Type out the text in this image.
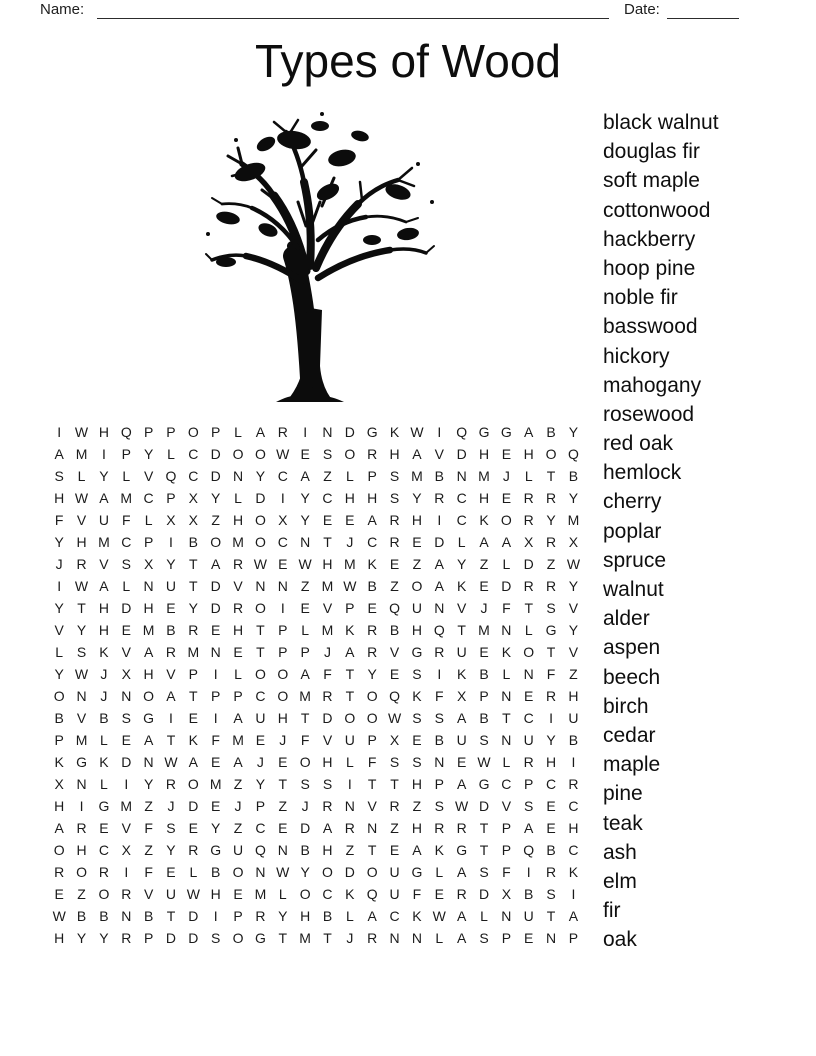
Name:	Date:
Types of Wood
black walnut
douglas fir
soft maple
cottonwood
hackberry
hoop pine
noble fir
basswood
hickory
mahogany
rosewood
red oak
hemlock
cherry
poplar
spruce
walnut
alder
aspen
beech
birch
cedar
maple
pine
teak
ash
elm
fir
oak
I W H Q P P O P L A R	I	N D G K W I	Q G G A B Y
A M	I	P Y L C D O O W E S O R H A V D H E H O Q
S L Y L V Q C D N Y C A Z	L P S M B N M J	L	T B
H W A M C P X Y L D	I	Y C H H S Y R C H E R R Y
F V U F	L X X Z H O X Y E E A R H	I	C K O R Y M
Y H M C P	I	B O M O C N T	J C R E D L A A X R X
J R V S X Y T A R W E W H M K E Z A Y Z	L D Z W
I W A L N U T D V N N Z M W B Z O A K E D R R Y
Y T H D H E Y D R O	I	E V P E Q U N V	J	F T S V
V Y H E M B R E H T P L M K R B H Q T M N L G Y
L S K V A R M N E T P P	J	A R V G R U E K O T V
Y W J	X H V P	I	L O O A F T Y E S	I	K B L N F Z
O N J N O A T P P C O M R T O Q K F X P N E R H
B V B S G	I	E	I	A U H T D O O W S S A B T C	I	U
P M L E A T K F M E	J	F V U P X E B U S N U Y B
K G K D N W A E A	J	E O H L	F S S N E W L R H	I
X N L	I	Y R O M Z Y T S S	I	T T H P A G C P C R
H	I	G M Z	J D E	J	P Z	J R N V R Z S W D V S E C
A R E V F S E Y Z C E D A R N Z H R R T P A E H
O H C X Z Y R G U Q N B H Z T E A K G T P Q B C
R O R	I	F E L B O N W Y O D O U G L A S F	I	R K
E Z O R V U W H E M L O C K Q U F E R D X B S	I
W B B N B T D	I	P R Y H B L A C K W A L N U T A
H Y Y R P D D S O G T M T	J R N N L A S P E N P
